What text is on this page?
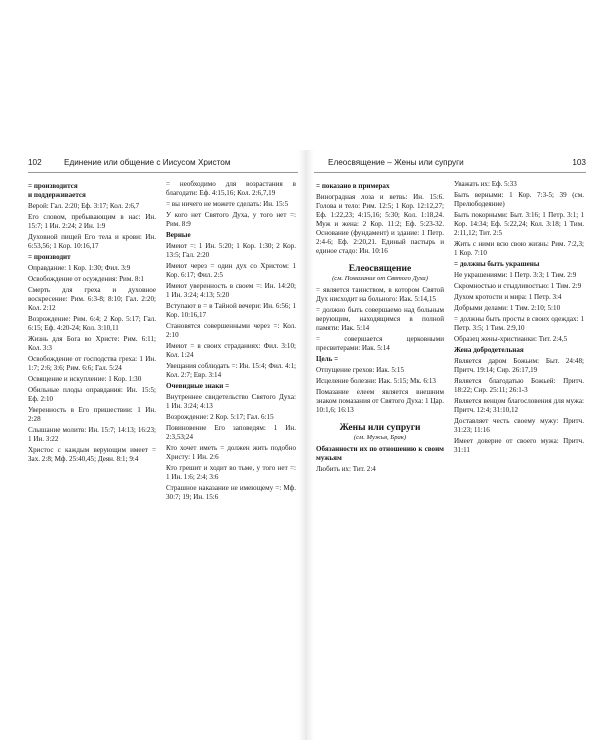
102	Единение или общение с Иисусом Христом
= производится
и поддерживается
Верой: Гал. 2:20; Еф. 3:17; Кол. 2:6,7
Его словом, пребывающим в нас: Ин. 15:7; 1 Ин. 2:24; 2 Ин. 1:9
Духовной пищей Его тела и крови: Ин. 6:53,56; 1 Кор. 10:16,17
= производит
Оправдание: 1 Кор. 1:30; Фил. 3:9
Освобождение от осуждения: Рим. 8:1
Смерть для греха и духовное воскресение: Рим. 6:3-8; 8:10; Гал. 2:20; Кол. 2:12
Возрождение: Рим. 6:4; 2 Кор. 5:17; Гал. 6:15; Еф. 4:20-24; Кол. 3:10,11
Жизнь для Бога во Христе: Рим. 6:11; Кол. 3:3
Освобождение от господства греха: 1 Ин. 1:7; 2:6; 3:6; Рим. 6:6; Гал. 5:24
Освящение и искупление: 1 Кор. 1:30
Обильные плоды оправдания: Ин. 15:5; Еф. 2:10
Уверенность в Его пришествии: 1 Ин. 2:28
Слышание молитв: Ин. 15:7; 14:13; 16:23; 1 Ин. 3:22
Христос с каждым верующим имеет = Зах. 2:8; Мф. 25:40,45; Деян. 8:1; 9:4
= необходимо для возрастания в благодати: Еф. 4:15,16; Кол. 2:6,7,19
= вы ничего не можете сделать: Ин. 15:5
У кого нет Святого Духа, у того нет =: Рим. 8:9
Верные
Имеют =: 1 Ин. 5:20; 1 Кор. 1:30; 2 Кор. 13:5; Гал. 2:20
Имеют через = один дух со Христом: 1 Кор. 6:17; Фил. 2:5
Имеют уверенность в своем =: Ин. 14:20; 1 Ин. 3:24; 4:13; 5:20
Вступают в = в Тайной вечери: Ин. 6:56; 1 Кор. 10:16,17
Становятся совершенными через =: Кол. 2:10
Имеют = в своих страданиях: Фил. 3:10; Кол. 1:24
Увещания соблюдать =: Ин. 15:4; Фил. 4:1; Кол. 2:7; Евр. 3:14
Очевидные знаки =
Внутреннее свидетельство Святого Духа: 1 Ин. 3:24; 4:13
Возрождение: 2 Кор. 5:17; Гал. 6:15
Повиновение Его заповедям: 1 Ин. 2:3,53;24
Кто хочет иметь = должен жить подобно Христу: 1 Ин. 2:6
Кто грешит и ходит во тьме, у того нет =: 1 Ин. 1:6; 2:4; 3:6
Страшное наказание не имеющему =: Мф. 30:7; 19; Ин. 15:6
Елеосвящение – Жены или супруги	103
= показано в примерах
Виноградная лоза и ветвь: Ин. 15:6. Голова и тело: Рим. 12:5; 1 Кор. 12:12,27; Еф. 1:22,23; 4:15,16; 5:30; Кол. 1:18,24. Муж и жена: 2 Кор. 11:2; Еф. 5:23-32. Основание (фундамент) и здание: 1 Петр. 2:4-6; Еф. 2:20,21. Единый пастырь и единое стадо: Ин. 10:16
Елеосвящение
(см. Помазание от Святого Духа)
= является таинством, в котором Святой Дух нисходит на больного: Иак. 5:14,15
= должно быть совершаемо над больным верующим, находящимся в полной памяти: Иак. 5:14
= совершается церковными пресвитерами: Иак. 5:14
Цель =
Отпущение грехов: Иак. 5:15
Исцеление болезни: Иак. 5:15; Мк. 6:13
Помазание елеем является внешним знаком помазания от Святого Духа: 1 Цар. 10:1,6; 16:13
Жены или супруги
(см. Мужья, Брак)
Обязанности их по отношению к своим мужьям
Любить их: Тит. 2:4
Уважать их: Еф. 5:33
Быть верными: 1 Кор. 7:3-5; 39 (см. Прелюбодеяние)
Быть покорными: Быт. 3:16; 1 Петр. 3:1; 1 Кор. 14:34; Еф. 5:22,24; Кол. 3:18; 1 Тим. 2:11,12; Тит. 2:5
Жить с ними всю свою жизнь: Рим. 7:2,3; 1 Кор. 7:10
= должны быть украшены
Не украшениями: 1 Петр. 3:3; 1 Тим. 2:9
Скромностью и стыдливостью: 1 Тим. 2:9
Духом кротости и мира: 1 Петр. 3:4
Добрыми делами: 1 Тим. 2:10; 5:10
= должны быть просты в своих одеждах: 1 Петр. 3:5; 1 Тим. 2:9,10
Образец жены-христианки: Тит. 2:4,5
Жена добродетельная
Является даром Божьим: Быт. 24:48; Притч. 19:14; Сир. 26:17,19
Является благодатью Божьей: Притч. 18:22; Сир. 25:11; 26:1-3
Является венцом благословения для мужа: Притч. 12:4; 31:10,12
Доставляет честь своему мужу: Притч. 31:23; 11:16
Имеет доверие от своего мужа: Притч. 31:11
